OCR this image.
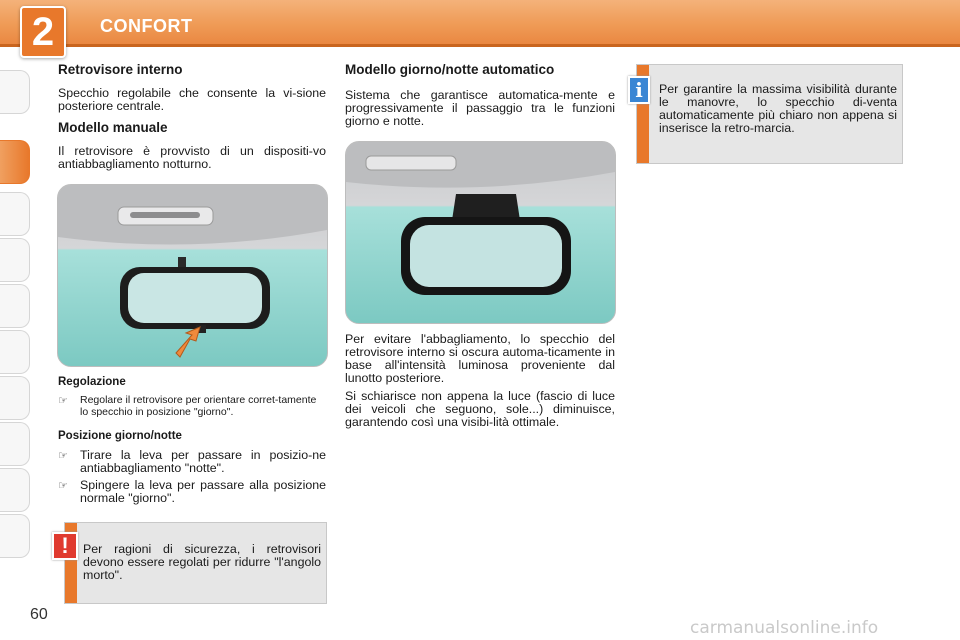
2	CONFORT
Retrovisore interno

Specchio regolabile che consente la vi-sione posteriore centrale.

Modello manuale

Il retrovisore è provvisto di un dispositi-vo antiabbagliamento notturno.

Regolazione
☞	Regolare il retrovisore per orientare corret-tamente lo specchio in posizione "giorno".
Posizione giorno/notte
☞ Tirare la leva per passare in posizio-ne antiabbagliamento "notte".
☞ Spingere la leva per passare alla posizione normale "giorno".
Per ragioni di sicurezza, i retrovisori devono essere regolati per ridurre "l'angolo morto".
!
Modello giorno/notte automatico

Sistema che garantisce automatica-mente e progressivamente il passaggio tra le funzioni giorno e notte.

Per evitare l'abbagliamento, lo specchio del retrovisore interno si oscura automa-ticamente in base all'intensità luminosa proveniente dal lunotto posteriore.

Si schiarisce non appena la luce (fascio di luce dei veicoli che seguono, sole...) diminuisce, garantendo così una visibi-lità ottimale.

Per garantire la massima visibilità durante le manovre, lo specchio di-venta automaticamente più chiaro non appena si inserisce la retro-marcia.
i
60
carmanualsonline.info
